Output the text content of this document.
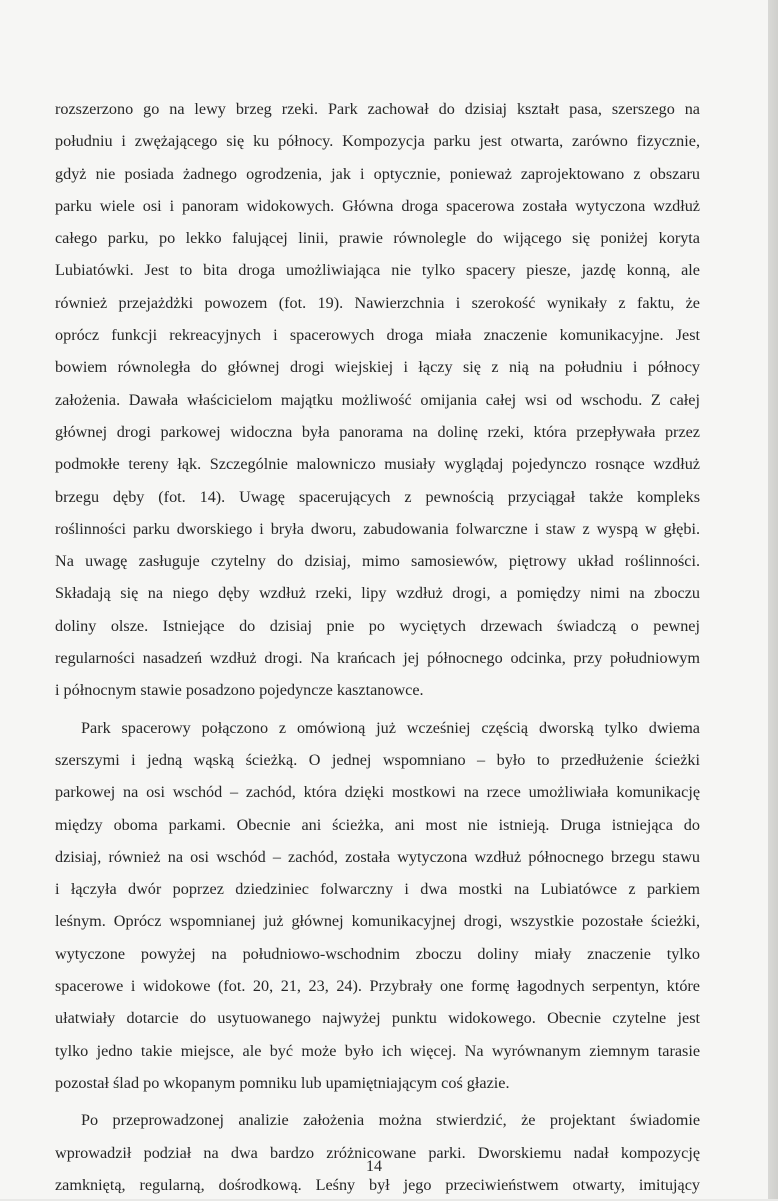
rozszerzono go na lewy brzeg rzeki. Park zachował do dzisiaj kształt pasa, szerszego na
południu i zwężającego się ku północy. Kompozycja parku jest otwarta, zarówno fizycznie,
gdyż nie posiada żadnego ogrodzenia, jak i optycznie, ponieważ zaprojektowano z obszaru
parku wiele osi i panoram widokowych. Główna droga spacerowa została wytyczona wzdłuż
całego parku, po lekko falującej linii, prawie równolegle do wijącego się poniżej koryta
Lubiatówki. Jest to bita droga umożliwiająca nie tylko spacery piesze, jazdę konną, ale
również przejażdżki powozem (fot. 19). Nawierzchnia i szerokość wynikały z faktu, że
oprócz funkcji rekreacyjnych i spacerowych droga miała znaczenie komunikacyjne. Jest
bowiem równoległa do głównej drogi wiejskiej i łączy się z nią na południu i północy
założenia. Dawała właścicielom majątku możliwość omijania całej wsi od wschodu. Z całej
głównej drogi parkowej widoczna była panorama na dolinę rzeki, która przepływała przez
podmokłe tereny łąk. Szczególnie malowniczo musiały wyglądaj pojedynczo rosnące wzdłuż
brzegu dęby (fot. 14). Uwagę spacerujących z pewnością przyciągał także kompleks
roślinności parku dworskiego i bryła dworu, zabudowania folwarczne i staw z wyspą w głębi.
Na uwagę zasługuje czytelny do dzisiaj, mimo samosiewów, piętrowy układ roślinności.
Składają się na niego dęby wzdłuż rzeki, lipy wzdłuż drogi, a pomiędzy nimi na zboczu
doliny olsze. Istniejące do dzisiaj pnie po wyciętych drzewach świadczą o pewnej
regularności nasadzeń wzdłuż drogi. Na krańcach jej północnego odcinka, przy południowym
i północnym stawie posadzono pojedyncze kasztanowce.
Park spacerowy połączono z omówioną już wcześniej częścią dworską tylko dwiema
szerszymi i jedną wąską ścieżką. O jednej wspomniano – było to przedłużenie ścieżki
parkowej na osi wschód – zachód, która dzięki mostkowi na rzece umożliwiała komunikację
między oboma parkami. Obecnie ani ścieżka, ani most nie istnieją. Druga istniejąca do
dzisiaj, również na osi wschód – zachód, została wytyczona wzdłuż północnego brzegu stawu
i łączyła dwór poprzez dziedziniec folwarczny i dwa mostki na Lubiatówce z parkiem
leśnym. Oprócz wspomnianej już głównej komunikacyjnej drogi, wszystkie pozostałe ścieżki,
wytyczone powyżej na południowo-wschodnim zboczu doliny miały znaczenie tylko
spacerowe i widokowe (fot. 20, 21, 23, 24). Przybrały one formę łagodnych serpentyn, które
ułatwiały dotarcie do usytuowanego najwyżej punktu widokowego. Obecnie czytelne jest
tylko jedno takie miejsce, ale być może było ich więcej. Na wyrównanym ziemnym tarasie
pozostał ślad po wkopanym pomniku lub upamiętniającym coś głazie.
Po przeprowadzonej analizie założenia można stwierdzić, że projektant świadomie
wprowadził podział na dwa bardzo zróżnicowane parki. Dworskiemu nadał kompozycję
zamkniętą, regularną, dośrodkową. Leśny był jego przeciwieństwem otwarty, imitujący
14
